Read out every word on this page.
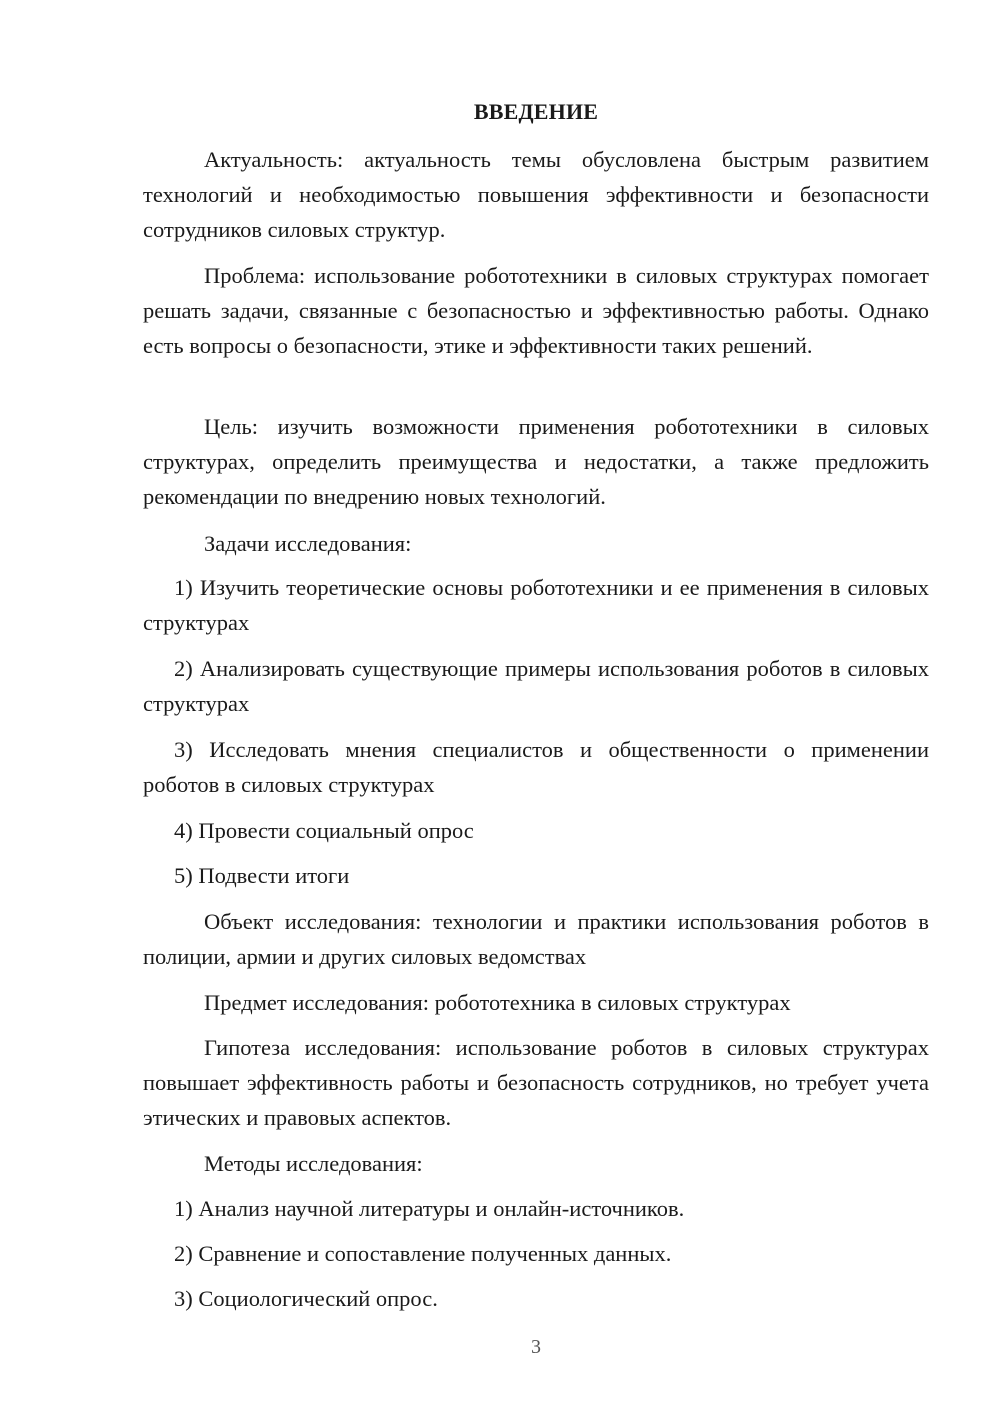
ВВЕДЕНИЕ

Актуальность: актуальность темы обусловлена быстрым развитием технологий и необходимостью повышения эффективности и безопасности сотрудников силовых структур.

Проблема: использование робототехники в силовых структурах помогает решать задачи, связанные с безопасностью и эффективностью работы. Однако есть вопросы о безопасности, этике и эффективности таких решений.

Цель: изучить возможности применения робототехники в силовых структурах, определить преимущества и недостатки, а также предложить рекомендации по внедрению новых технологий.

Задачи исследования:

1) Изучить теоретические основы робототехники и ее применения в силовых структурах

2) Анализировать существующие примеры использования роботов в силовых структурах

3) Исследовать мнения специалистов и общественности о применении роботов в силовых структурах

4) Провести социальный опрос

5) Подвести итоги

Объект исследования: технологии и практики использования роботов в полиции, армии и других силовых ведомствах

Предмет исследования: робототехника в силовых структурах

Гипотеза исследования: использование роботов в силовых структурах повышает эффективность работы и безопасность сотрудников, но требует учета этических и правовых аспектов.

Методы исследования:

1) Анализ научной литературы и онлайн-источников.

2) Сравнение и сопоставление полученных данных.

3) Социологический опрос.

3
